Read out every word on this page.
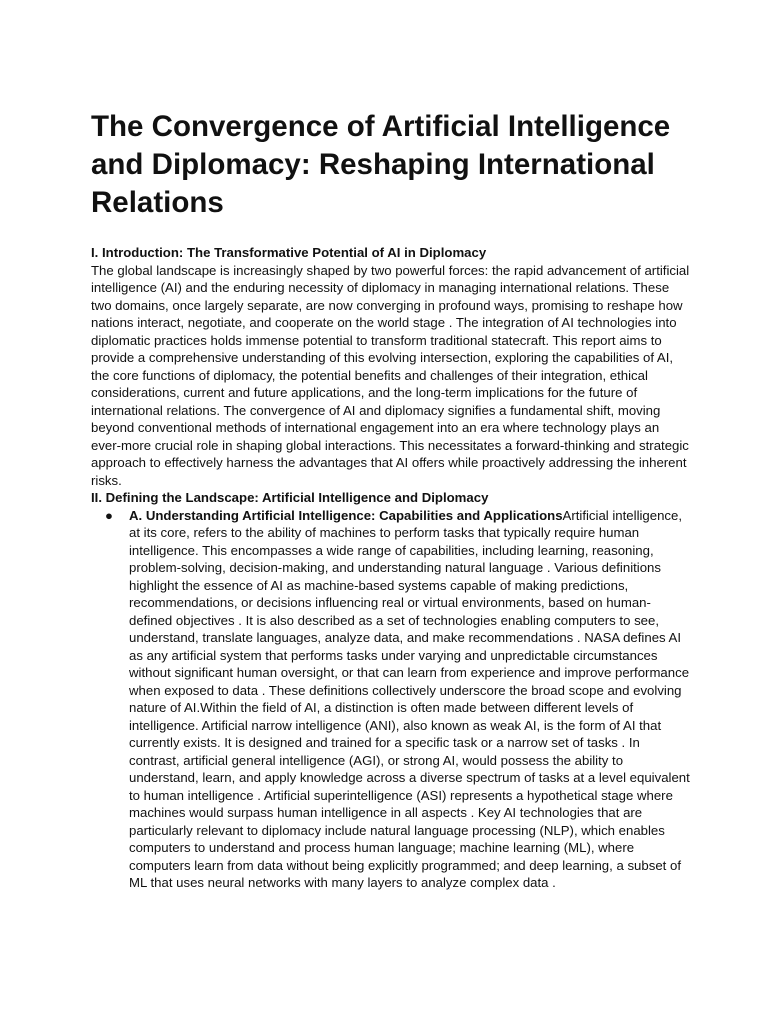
The Convergence of Artificial Intelligence and Diplomacy: Reshaping International Relations

I. Introduction: The Transformative Potential of AI in Diplomacy

The global landscape is increasingly shaped by two powerful forces: the rapid advancement of artificial intelligence (AI) and the enduring necessity of diplomacy in managing international relations. These two domains, once largely separate, are now converging in profound ways, promising to reshape how nations interact, negotiate, and cooperate on the world stage . The integration of AI technologies into diplomatic practices holds immense potential to transform traditional statecraft. This report aims to provide a comprehensive understanding of this evolving intersection, exploring the capabilities of AI, the core functions of diplomacy, the potential benefits and challenges of their integration, ethical considerations, current and future applications, and the long-term implications for the future of international relations. The convergence of AI and diplomacy signifies a fundamental shift, moving beyond conventional methods of international engagement into an era where technology plays an ever-more crucial role in shaping global interactions. This necessitates a forward-thinking and strategic approach to effectively harness the advantages that AI offers while proactively addressing the inherent risks.

II. Defining the Landscape: Artificial Intelligence and Diplomacy

● A. Understanding Artificial Intelligence: Capabilities and ApplicationsArtificial intelligence, at its core, refers to the ability of machines to perform tasks that typically require human intelligence. This encompasses a wide range of capabilities, including learning, reasoning, problem-solving, decision-making, and understanding natural language . Various definitions highlight the essence of AI as machine-based systems capable of making predictions, recommendations, or decisions influencing real or virtual environments, based on human-defined objectives . It is also described as a set of technologies enabling computers to see, understand, translate languages, analyze data, and make recommendations . NASA defines AI as any artificial system that performs tasks under varying and unpredictable circumstances without significant human oversight, or that can learn from experience and improve performance when exposed to data . These definitions collectively underscore the broad scope and evolving nature of AI.Within the field of AI, a distinction is often made between different levels of intelligence. Artificial narrow intelligence (ANI), also known as weak AI, is the form of AI that currently exists. It is designed and trained for a specific task or a narrow set of tasks . In contrast, artificial general intelligence (AGI), or strong AI, would possess the ability to understand, learn, and apply knowledge across a diverse spectrum of tasks at a level equivalent to human intelligence . Artificial superintelligence (ASI) represents a hypothetical stage where machines would surpass human intelligence in all aspects . Key AI technologies that are particularly relevant to diplomacy include natural language processing (NLP), which enables computers to understand and process human language; machine learning (ML), where computers learn from data without being explicitly programmed; and deep learning, a subset of ML that uses neural networks with many layers to analyze complex data .
